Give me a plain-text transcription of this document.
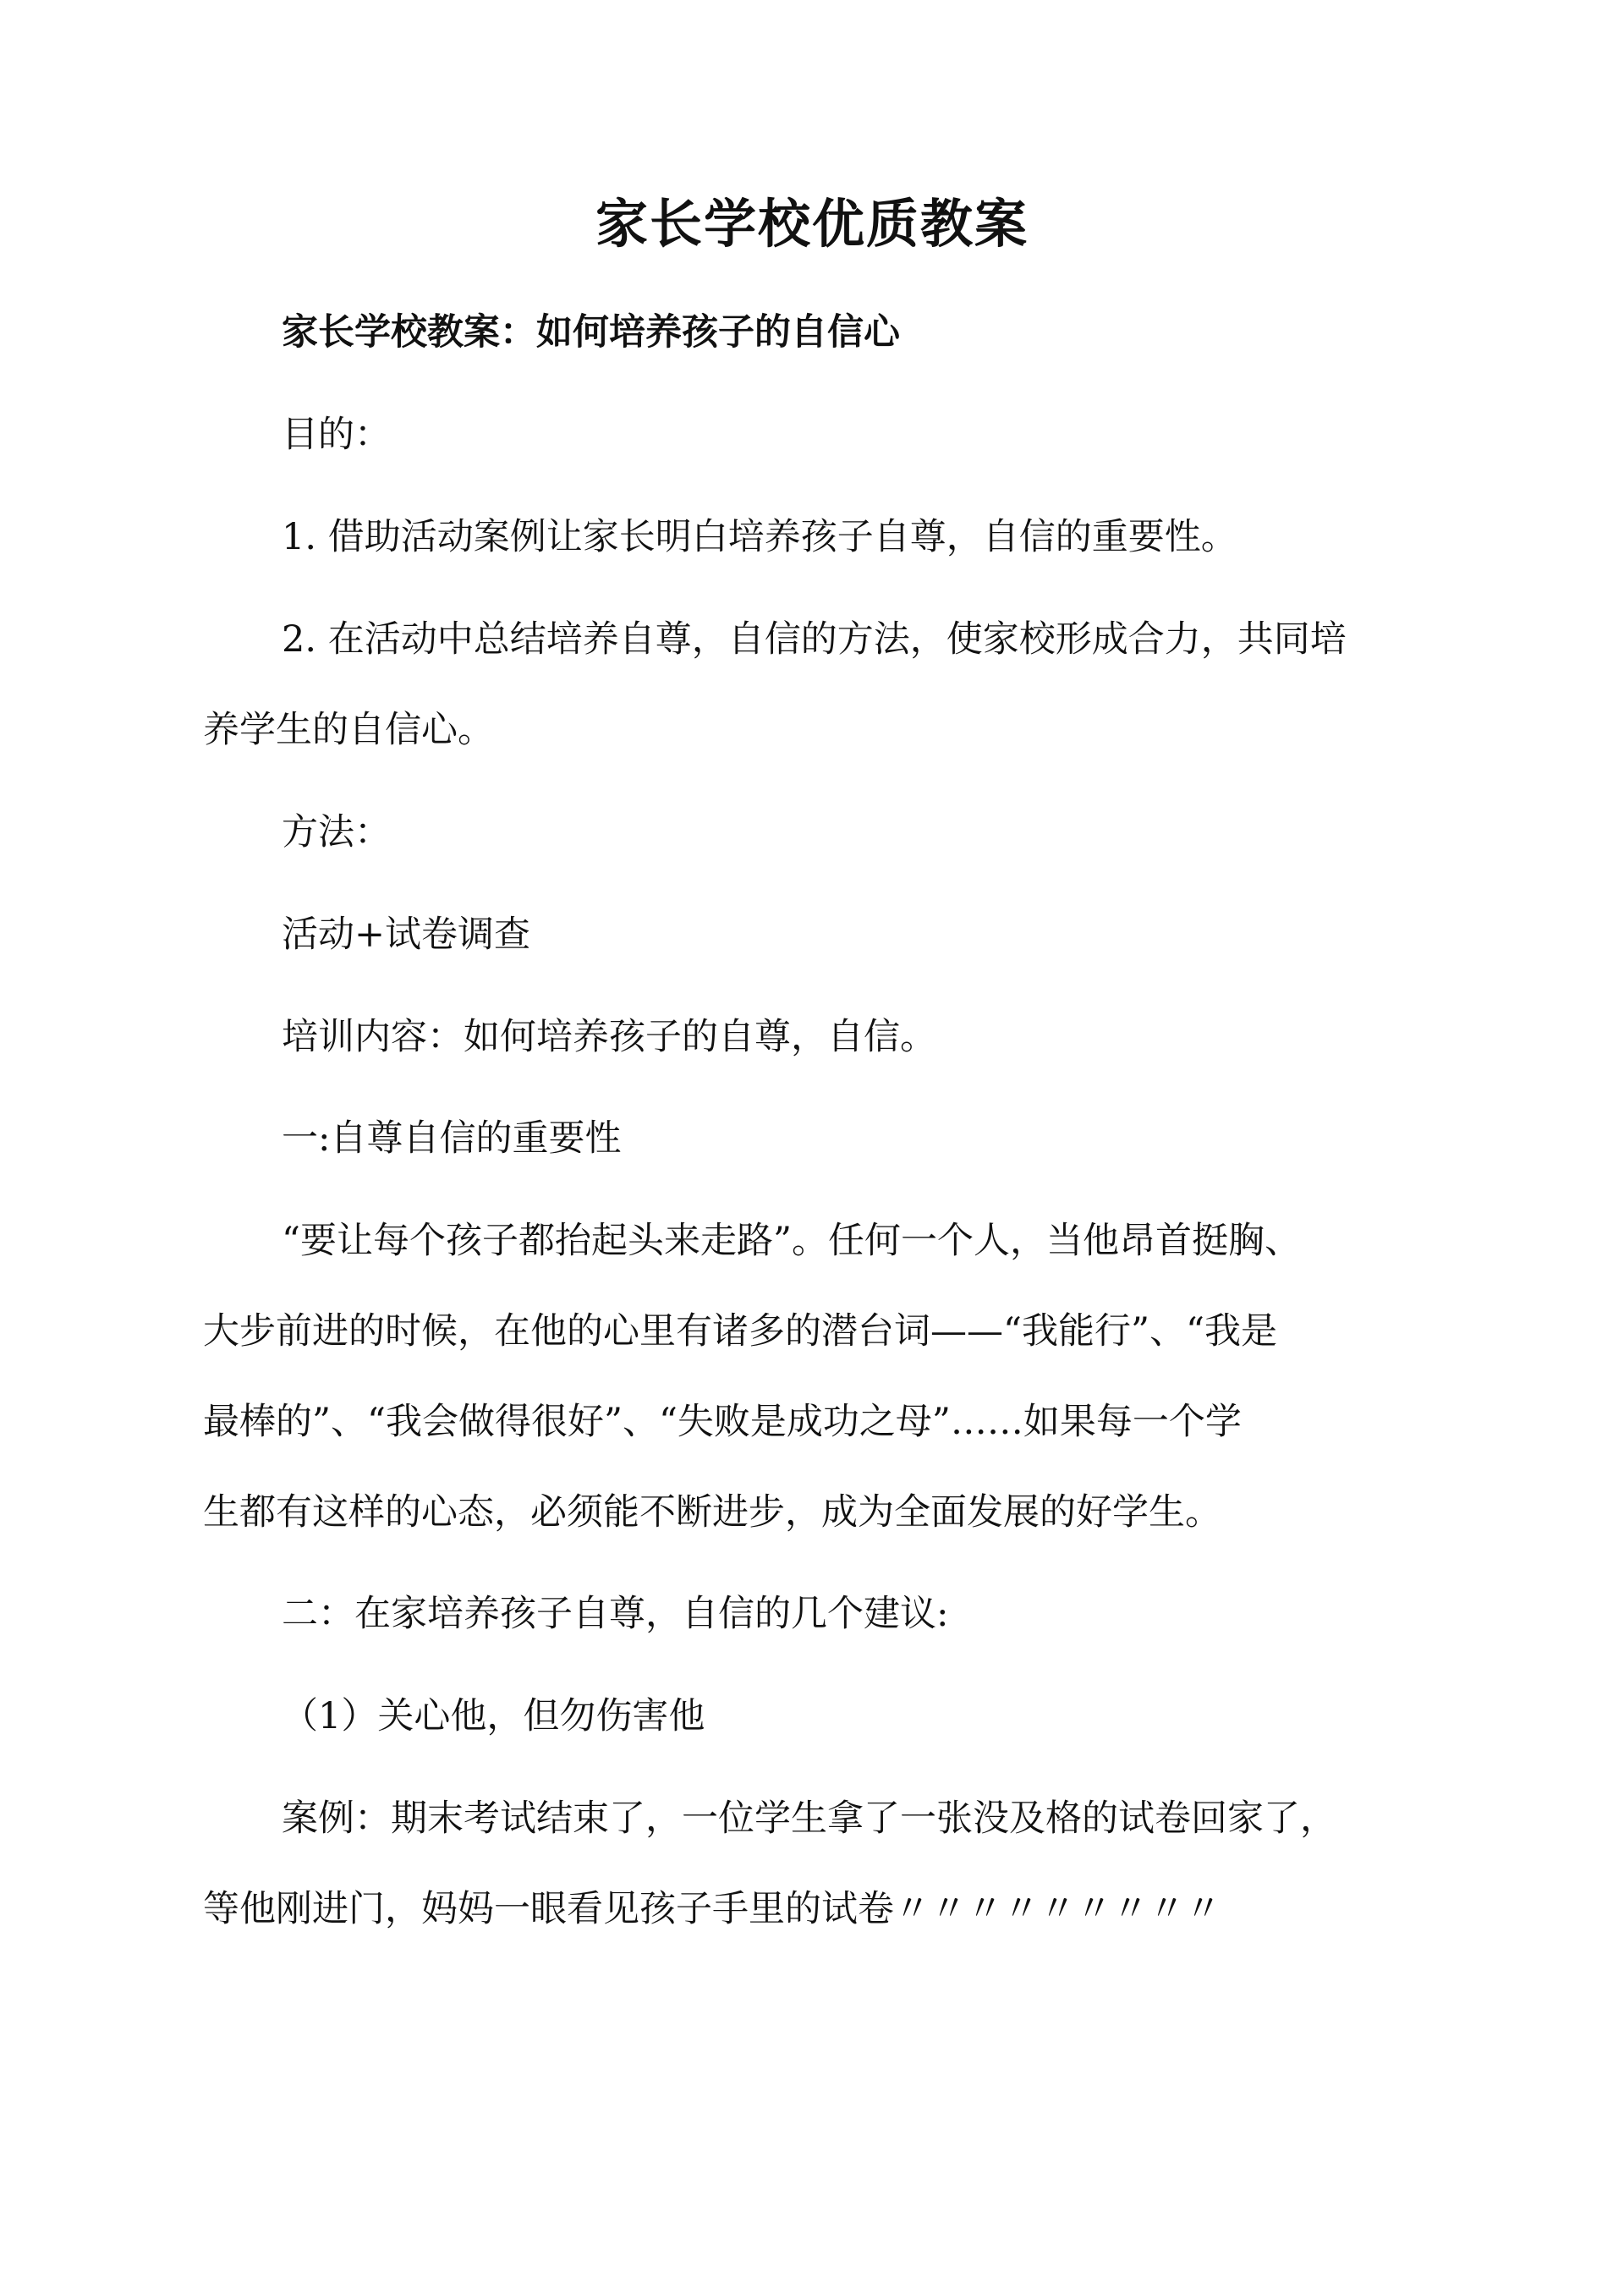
家长学校优质教案
家长学校教案：如何培养孩子的自信心
目的：
1. 借助活动案例让家长明白培养孩子自尊，自信的重要性。
2. 在活动中总结培养自尊，自信的方法，使家校形成合力，共同培
养学生的自信心。
方法：
活动+试卷调查
培训内容：如何培养孩子的自尊，自信。
一:自尊自信的重要性
“要让每个孩子都抬起头来走路”。任何一个人，当他昂首挺胸、
大步前进的时候，在他的心里有诸多的潜台词——“我能行”、“我是
最棒的”、“我会做得很好”、“失败是成功之母”……如果每一个学
生都有这样的心态，必须能不断进步，成为全面发展的好学生。
二：在家培养孩子自尊，自信的几个建议:
（1）关心他，但勿伤害他
案例：期末考试结束了，一位学生拿了一张没及格的试卷回家了，
等他刚进门，妈妈一眼看见孩子手里的试卷〃〃〃〃〃〃〃〃〃
